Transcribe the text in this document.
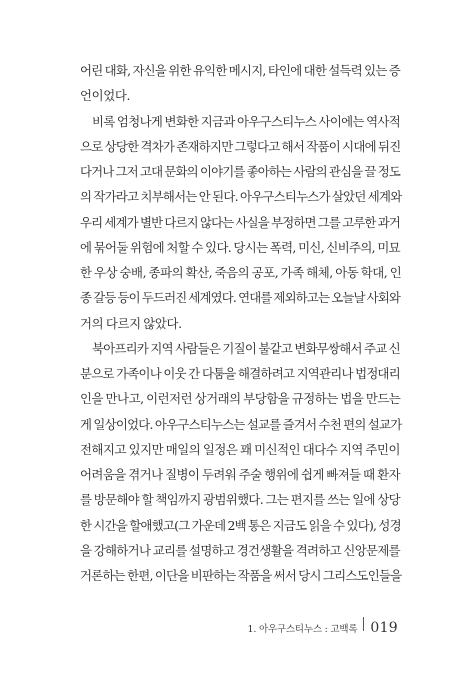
어린 대화, 자신을 위한 유익한 메시지, 타인에 대한 설득력 있는 증
언이었다.
비록 엄청나게 변화한 지금과 아우구스티누스 사이에는 역사적
으로 상당한 격차가 존재하지만 그렇다고 해서 작품이 시대에 뒤진
다거나 그저 고대 문화의 이야기를 좋아하는 사람의 관심을 끌 정도
의 작가라고 치부해서는 안 된다. 아우구스티누스가 살았던 세계와
우리 세계가 별반 다르지 않다는 사실을 부정하면 그를 고루한 과거
에 묶어둘 위험에 처할 수 있다. 당시는 폭력, 미신, 신비주의, 미묘
한 우상 숭배, 종파의 확산, 죽음의 공포, 가족 해체, 아동 학대, 인
종 갈등 등이 두드러진 세계였다. 연대를 제외하고는 오늘날 사회와
거의 다르지 않았다.
북아프리카 지역 사람들은 기질이 불같고 변화무쌍해서 주교 신
분으로 가족이나 이웃 간 다툼을 해결하려고 지역관리나 법정대리
인을 만나고, 이런저런 상거래의 부당함을 규정하는 법을 만드는
게 일상이었다. 아우구스티누스는 설교를 즐겨서 수천 편의 설교가
전해지고 있지만 매일의 일정은 꽤 미신적인 대다수 지역 주민이
어려움을 겪거나 질병이 두려워 주술 행위에 쉽게 빠져들 때 환자
를 방문해야 할 책임까지 광범위했다. 그는 편지를 쓰는 일에 상당
한 시간을 할애했고(그 가운데 2백 통은 지금도 읽을 수 있다), 성경
을 강해하거나 교리를 설명하고 경건생활을 격려하고 신앙문제를
거론하는 한편, 이단을 비판하는 작품을 써서 당시 그리스도인들을
1. 아우구스티누스 : 고백록 019
